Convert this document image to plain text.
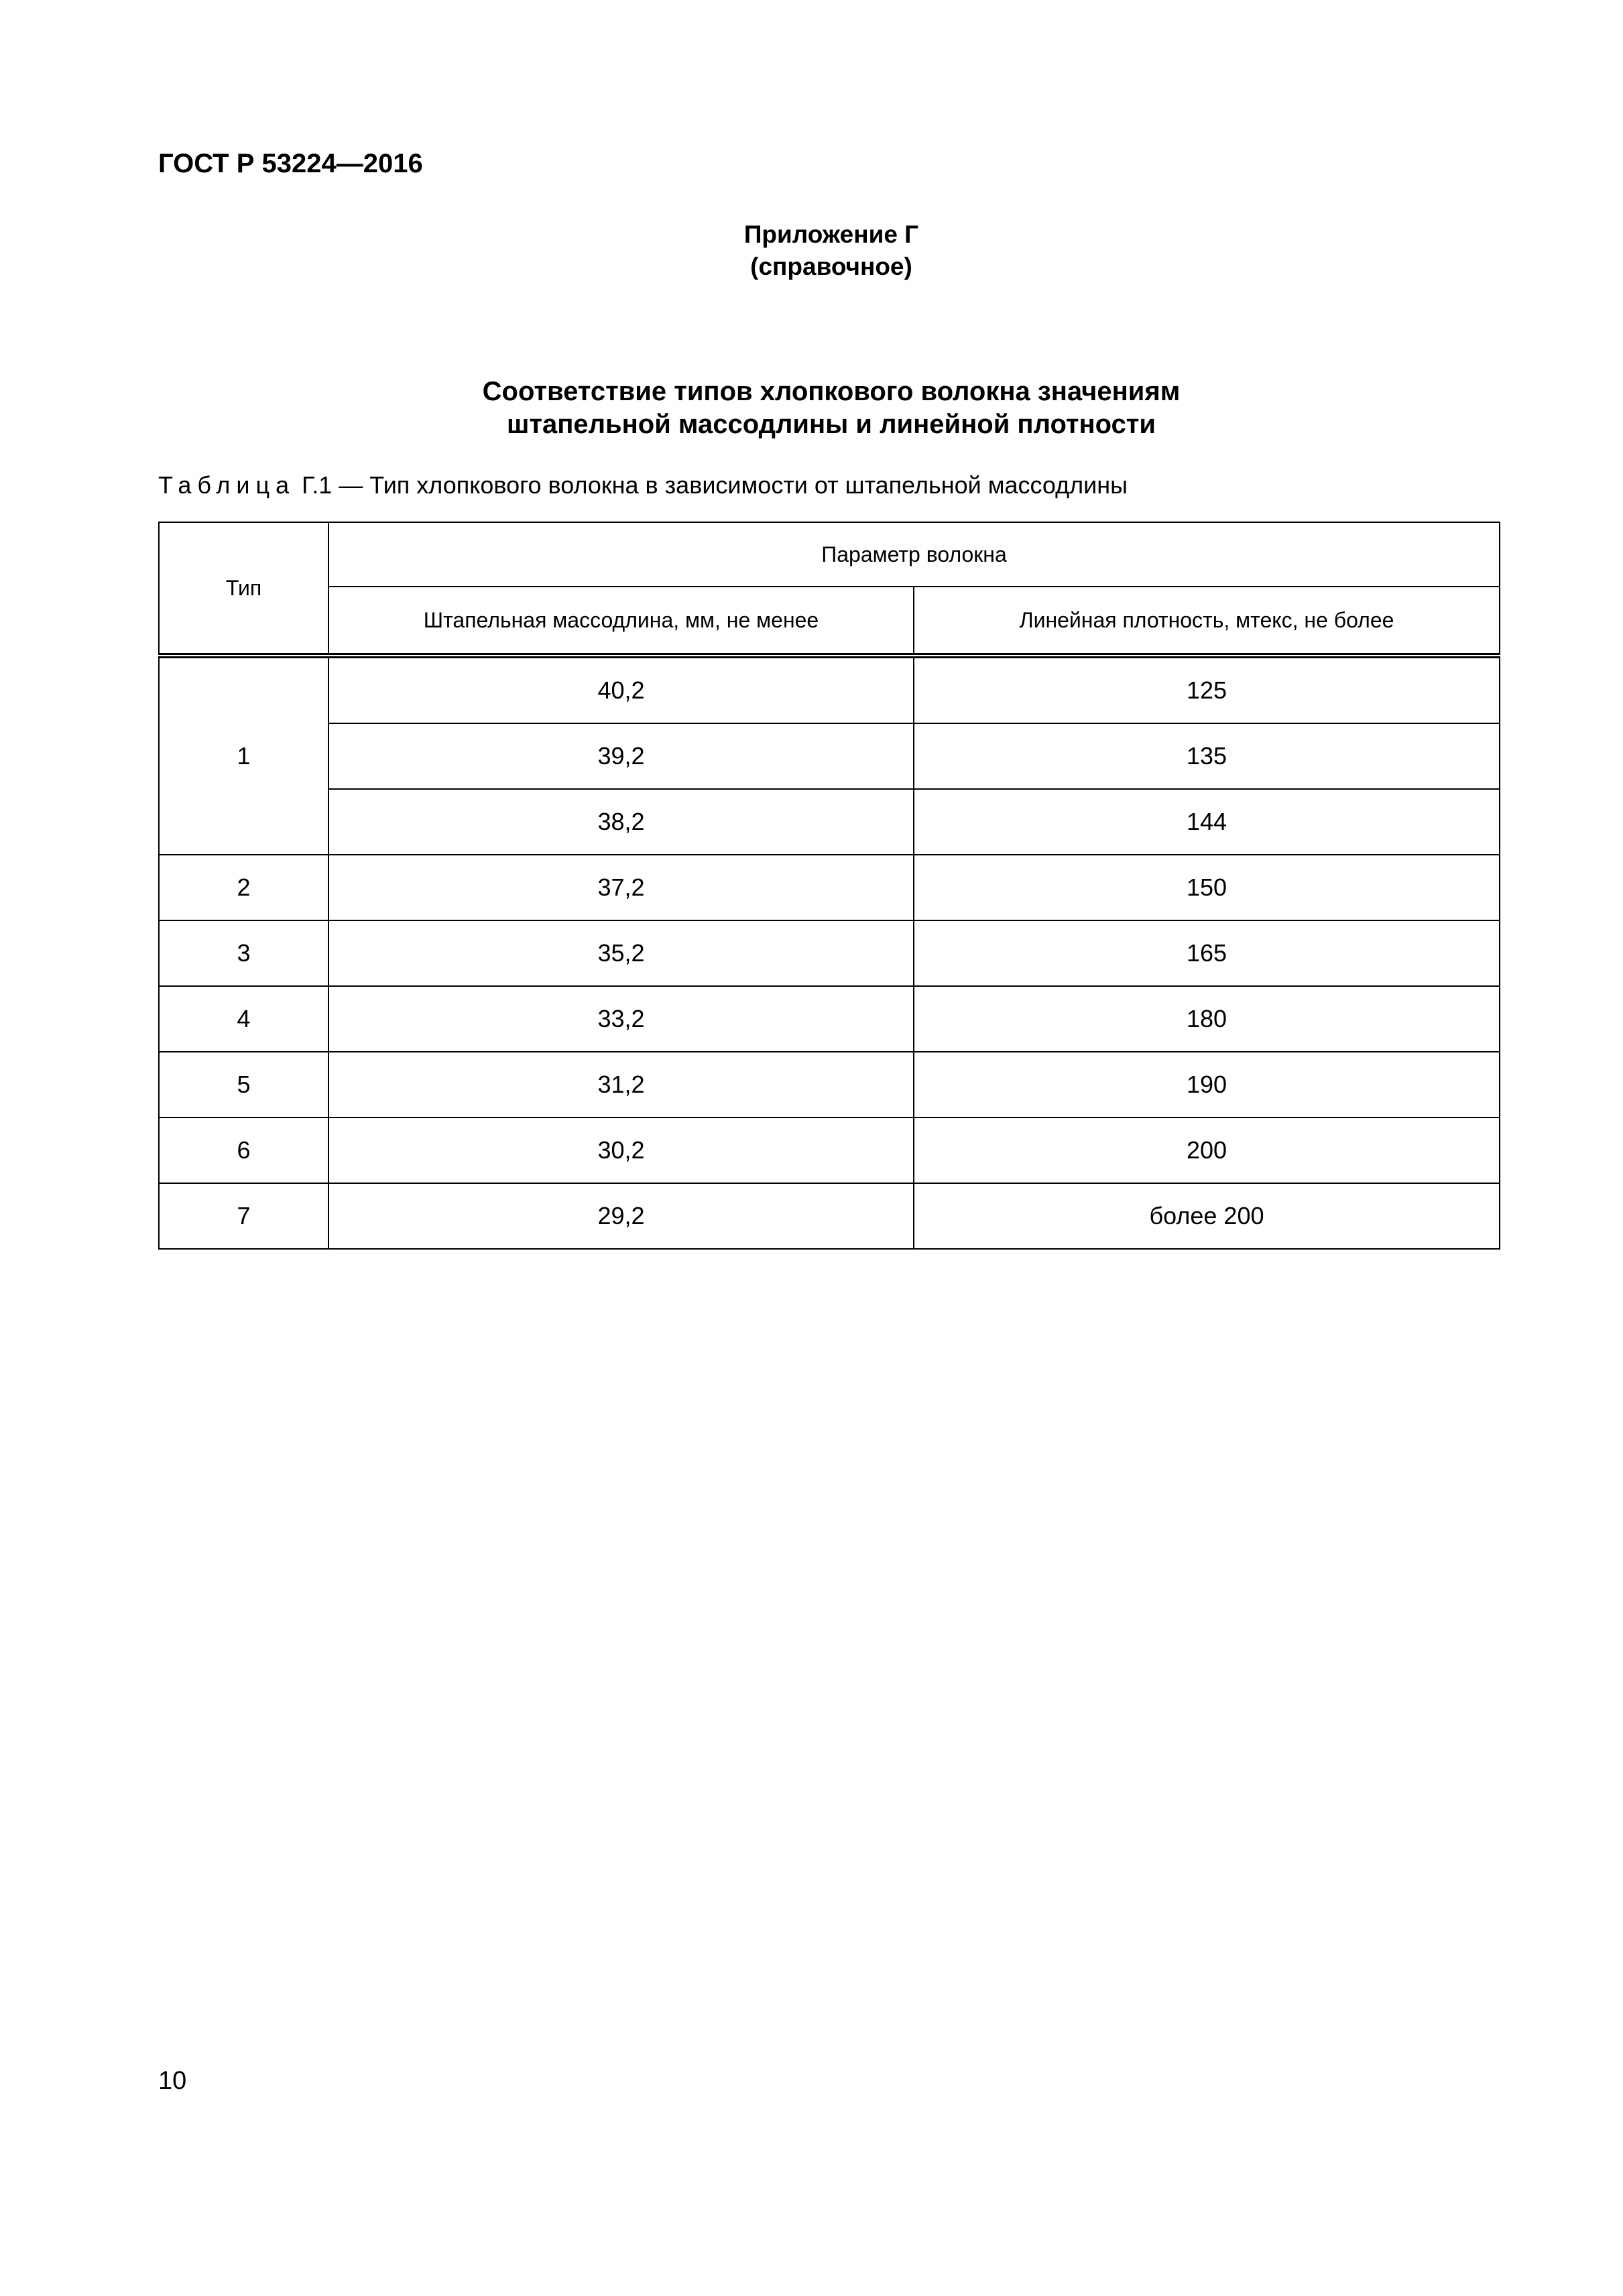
ГОСТ Р 53224—2016
Приложение Г
(справочное)
Соответствие типов хлопкового волокна значениям
штапельной массодлины и линейной плотности
Таблица Г.1 — Тип хлопкового волокна в зависимости от штапельной массодлины
Тип	Параметр волокна	
	Штапельная массодлина, мм, не менее	Линейная плотность, мтекс, не более
1	40,2	125
	39,2	135
	38,2	144
2	37,2	150
3	35,2	165
4	33,2	180
5	31,2	190
6	30,2	200
7	29,2	более 200
10
